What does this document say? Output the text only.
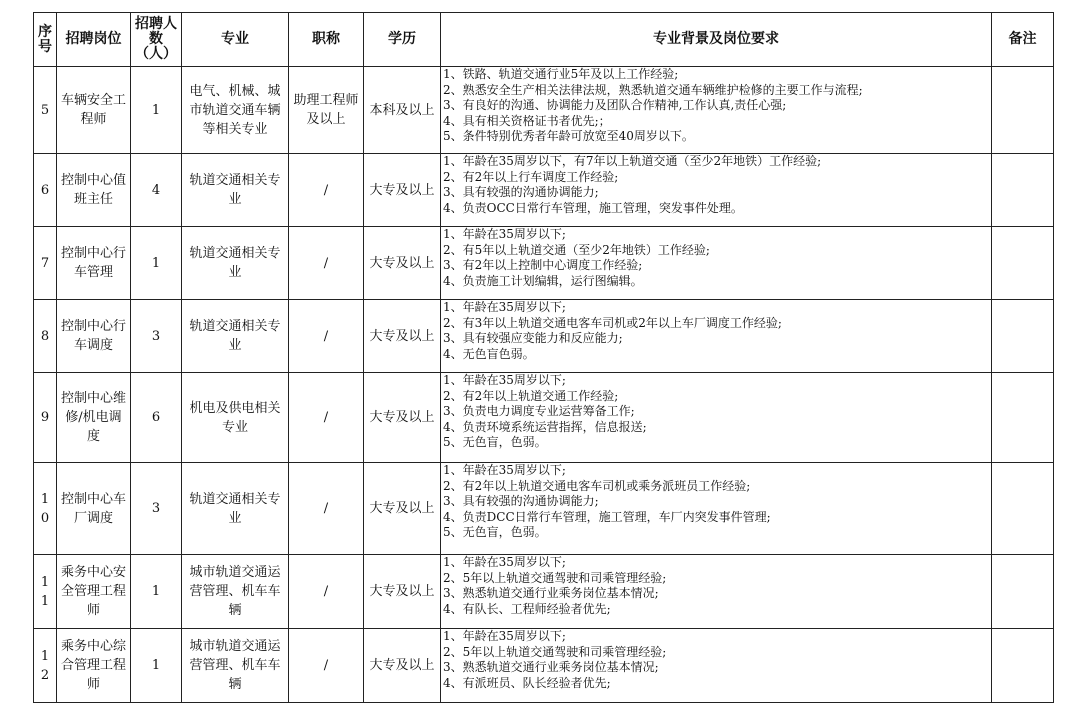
序号	招聘岗位	招聘人数（人）	专业	职称	学历	专业背景及岗位要求	备注
5	车辆安全工程师	1	电气、机械、城市轨道交通车辆等相关专业	助理工程师及以上	本科及以上	1、铁路、轨道交通行业5年及以上工作经验;
2、熟悉安全生产相关法律法规，熟悉轨道交通车辆维护检修的主要工作与流程;
3、有良好的沟通、协调能力及团队合作精神,工作认真,责任心强;
4、具有相关资格证书者优先;；
5、条件特别优秀者年龄可放宽至40周岁以下。	

6	控制中心值班主任	4	轨道交通相关专业	/	大专及以上	1、年龄在35周岁以下，有7年以上轨道交通（至少2年地铁）工作经验;
2、有2年以上行车调度工作经验;
3、具有较强的沟通协调能力;
4、负责OCC日常行车管理，施工管理，突发事件处理。	

7	控制中心行车管理	1	轨道交通相关专业	/	大专及以上	1、年龄在35周岁以下;
2、有5年以上轨道交通（至少2年地铁）工作经验;
3、有2年以上控制中心调度工作经验;
4、负责施工计划编辑，运行图编辑。	

8	控制中心行车调度	3	轨道交通相关专业	/	大专及以上	1、年龄在35周岁以下;
2、有3年以上轨道交通电客车司机或2年以上车厂调度工作经验;
3、具有较强应变能力和反应能力;
4、无色盲色弱。	

9	控制中心维修/机电调度	6	机电及供电相关专业	/	大专及以上	1、年龄在35周岁以下;
2、有2年以上轨道交通工作经验;
3、负责电力调度专业运营筹备工作;
4、负责环境系统运营指挥，信息报送;
5、无色盲，色弱。	

10	控制中心车厂调度	3	轨道交通相关专业	/	大专及以上	1、年龄在35周岁以下;
2、有2年以上轨道交通电客车司机或乘务派班员工作经验;
3、具有较强的沟通协调能力;
4、负责DCC日常行车管理，施工管理，车厂内突发事件管理;
5、无色盲，色弱。	

11	乘务中心安全管理工程师	1	城市轨道交通运营管理、机车车辆	/	大专及以上	1、年龄在35周岁以下;
2、5年以上轨道交通驾驶和司乘管理经验;
3、熟悉轨道交通行业乘务岗位基本情况;
4、有队长、工程师经验者优先;	

12	乘务中心综合管理工程师	1	城市轨道交通运营管理、机车车辆	/	大专及以上	1、年龄在35周岁以下;
2、5年以上轨道交通驾驶和司乘管理经验;
3、熟悉轨道交通行业乘务岗位基本情况;
4、有派班员、队长经验者优先;	
